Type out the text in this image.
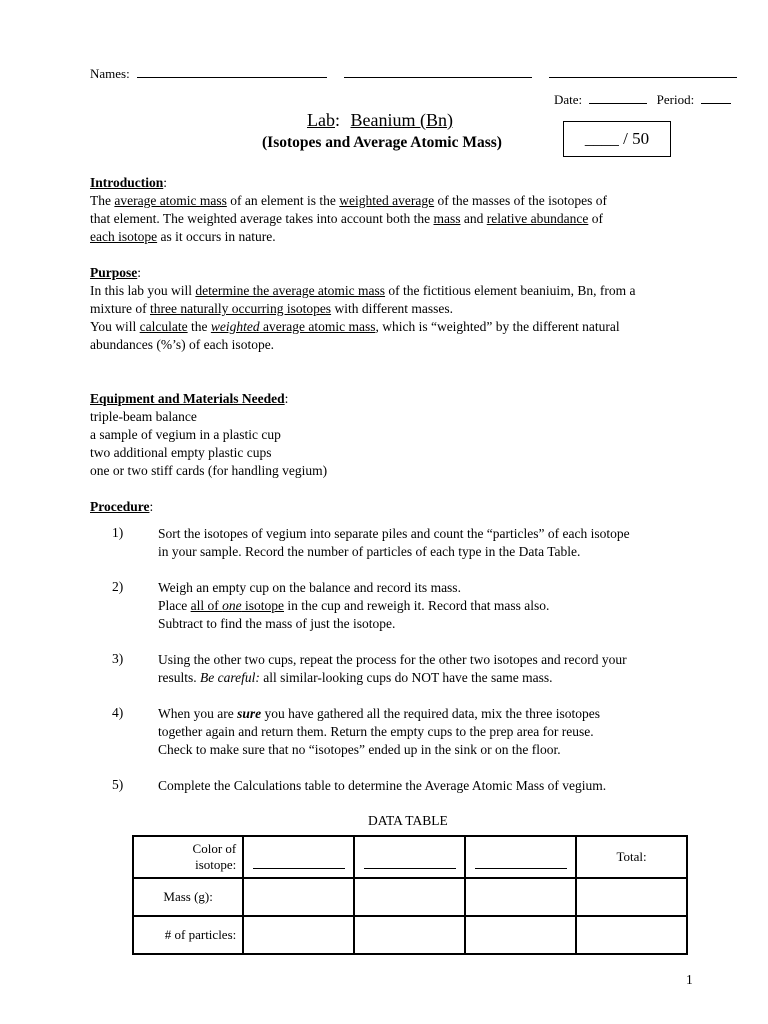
Names:
Date:	Period:
Lab: Beanium (Bn)
(Isotopes and Average Atomic Mass)	____ / 50
Introduction:
The average atomic mass of an element is the weighted average of the masses of the isotopes of
that element. The weighted average takes into account both the mass and relative abundance of
each isotope as it occurs in nature.
Purpose:
In this lab you will determine the average atomic mass of the fictitious element beaniuim, Bn, from a
mixture of three naturally occurring isotopes with different masses.
You will calculate the weighted average atomic mass, which is “weighted” by the different natural
abundances (%’s) of each isotope.
Equipment and Materials Needed:
triple-beam balance
a sample of vegium in a plastic cup
two additional empty plastic cups
one or two stiff cards (for handling vegium)
Procedure:
1)	Sort the isotopes of vegium into separate piles and count the “particles” of each isotope
in your sample. Record the number of particles of each type in the Data Table.
2)	Weigh an empty cup on the balance and record its mass.
Place all of one isotope in the cup and reweigh it. Record that mass also.
Subtract to find the mass of just the isotope.
3)	Using the other two cups, repeat the process for the other two isotopes and record your
results. Be careful: all similar-looking cups do NOT have the same mass.
4)	When you are sure you have gathered all the required data, mix the three isotopes
together again and return them. Return the empty cups to the prep area for reuse.
Check to make sure that no “isotopes” ended up in the sink or on the floor.
5)	Complete the Calculations table to determine the Average Atomic Mass of vegium.
DATA TABLE
Color of
isotope:				Total:
Mass (g):				
# of particles:				
1
